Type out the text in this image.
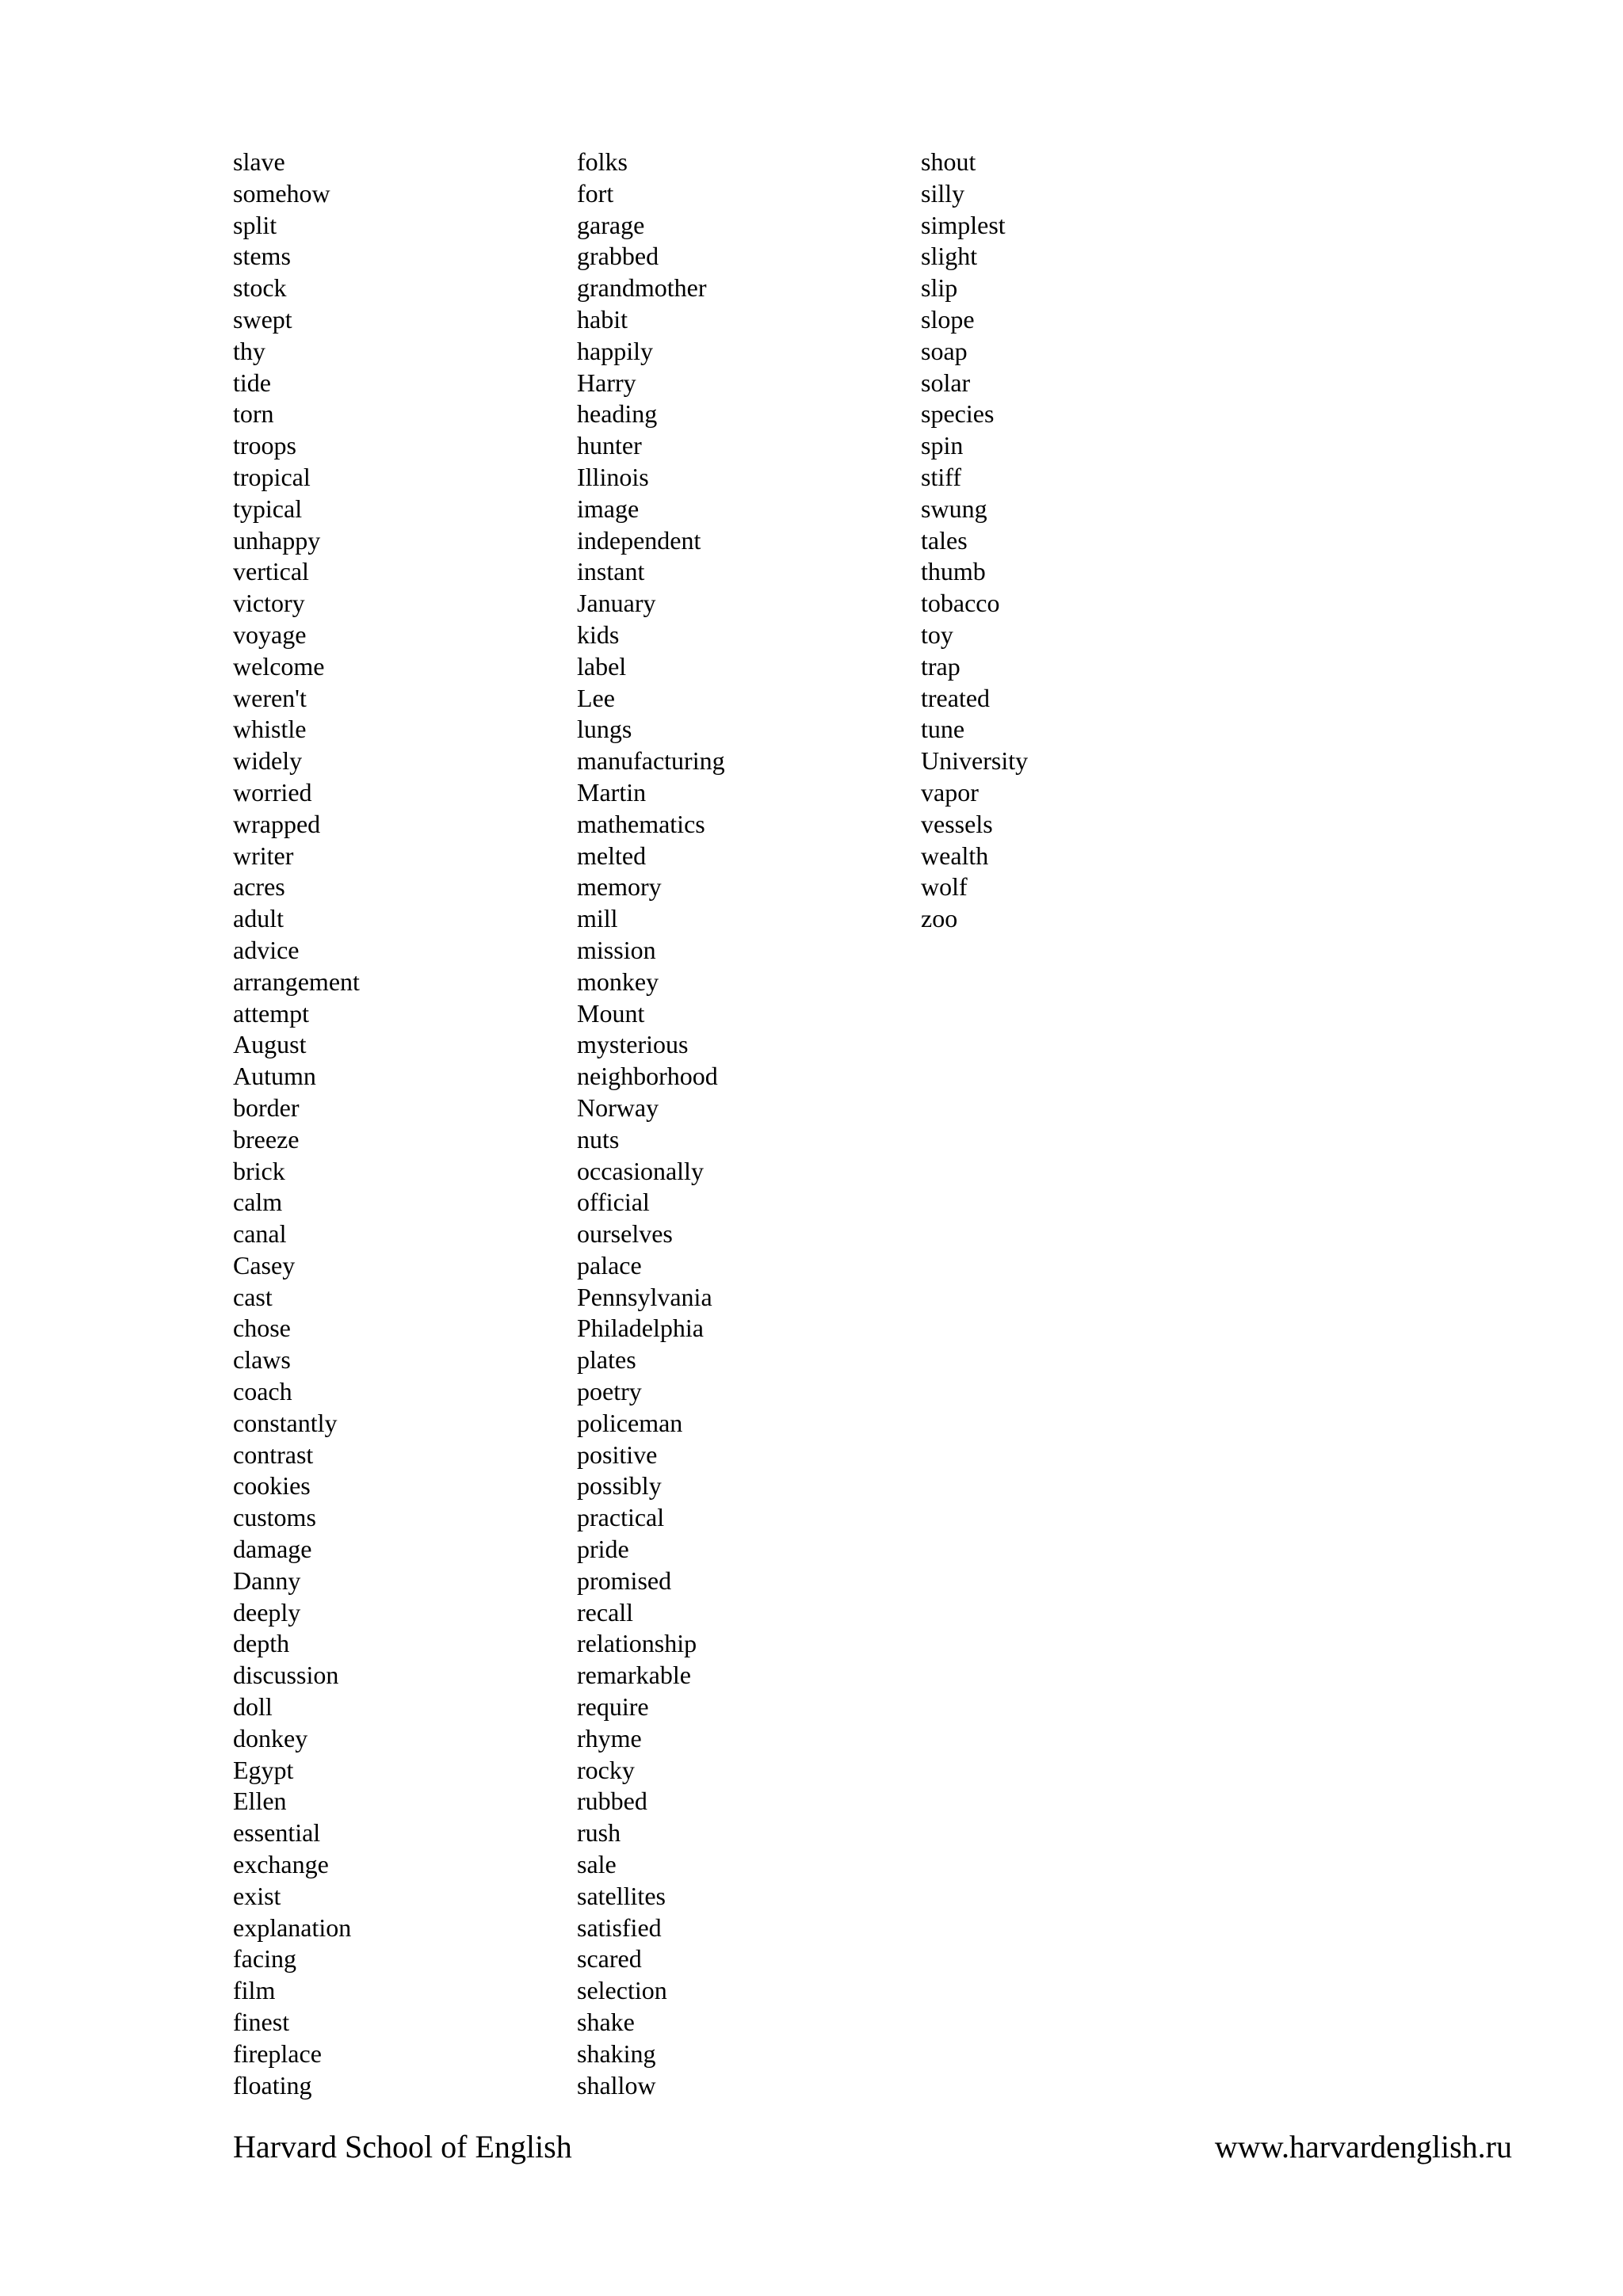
slave
somehow
split
stems
stock
swept
thy
tide
torn
troops
tropical
typical
unhappy
vertical
victory
voyage
welcome
weren't
whistle
widely
worried
wrapped
writer
acres
adult
advice
arrangement
attempt
August
Autumn
border
breeze
brick
calm
canal
Casey
cast
chose
claws
coach
constantly
contrast
cookies
customs
damage
Danny
deeply
depth
discussion
doll
donkey
Egypt
Ellen
essential
exchange
exist
explanation
facing
film
finest
fireplace
floating
folks
fort
garage
grabbed
grandmother
habit
happily
Harry
heading
hunter
Illinois
image
independent
instant
January
kids
label
Lee
lungs
manufacturing
Martin
mathematics
melted
memory
mill
mission
monkey
Mount
mysterious
neighborhood
Norway
nuts
occasionally
official
ourselves
palace
Pennsylvania
Philadelphia
plates
poetry
policeman
positive
possibly
practical
pride
promised
recall
relationship
remarkable
require
rhyme
rocky
rubbed
rush
sale
satellites
satisfied
scared
selection
shake
shaking
shallow
shout
silly
simplest
slight
slip
slope
soap
solar
species
spin
stiff
swung
tales
thumb
tobacco
toy
trap
treated
tune
University
vapor
vessels
wealth
wolf
zoo
Harvard School of English	www.harvardenglish.ru
